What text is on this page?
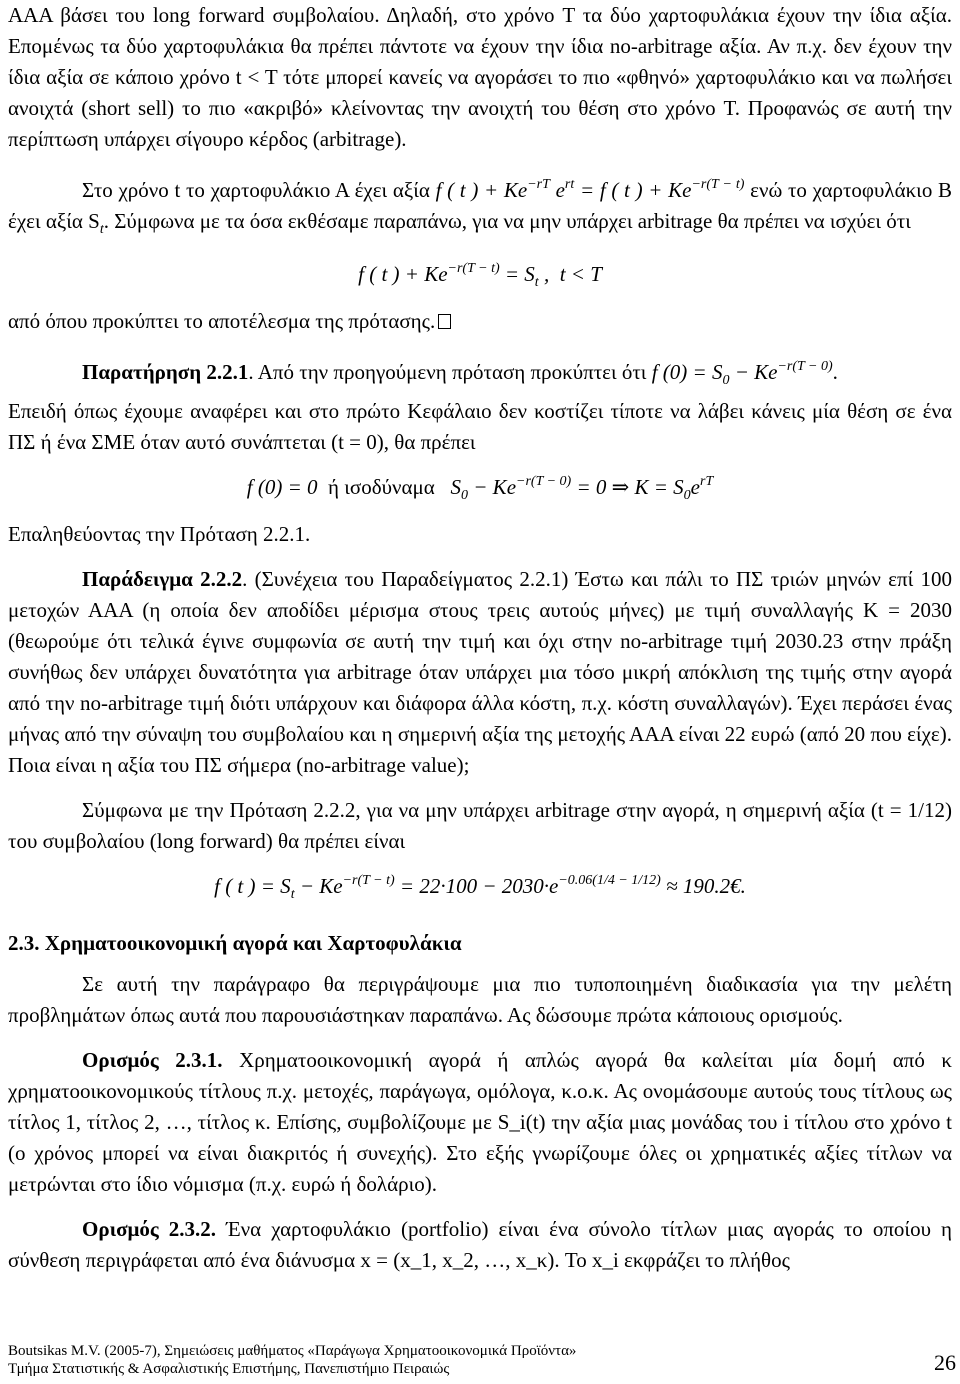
ΑΑΑ βάσει του long forward συμβολαίου. Δηλαδή, στο χρόνο T τα δύο χαρτοφυλάκια έχουν την ίδια αξία. Επομένως τα δύο χαρτοφυλάκια θα πρέπει πάντοτε να έχουν την ίδια no-arbitrage αξία. Αν π.χ. δεν έχουν την ίδια αξία σε κάποιο χρόνο t < T τότε μπορεί κανείς να αγοράσει το πιο «φθηνό» χαρτοφυλάκιο και να πωλήσει ανοιχτά (short sell) το πιο «ακριβό» κλείνοντας την ανοιχτή του θέση στο χρόνο T. Προφανώς σε αυτή την περίπτωση υπάρχει σίγουρο κέρδος (arbitrage).

Στο χρόνο t το χαρτοφυλάκιο Α έχει αξία f ( t ) + $Ke^{-rT}$ $e^{rt} = f$ ( t ) + $Ke^{-r(T - t)}$ ενώ το χαρτοφυλάκιο Β έχει αξία $S_t$. Σύμφωνα με τα όσα εκθέσαμε παραπάνω, για να μην υπάρχει arbitrage θα πρέπει να ισχύει ότι

f ( t ) + $Ke^{-r(T - t)} = S_t$ ,  t < T

από όπου προκύπτει το αποτέλεσμα της πρότασης.

Παρατήρηση 2.2.1. Από την προηγούμενη πρόταση προκύπτει ότι f $(0) = S_0 - Ke^{-r(T - 0)}$.

Επειδή όπως έχουμε αναφέρει και στο πρώτο Κεφάλαιο δεν κοστίζει τίποτε να λάβει κάνεις μία θέση σε ένα ΠΣ ή ένα ΣΜΕ όταν αυτό συνάπτεται (t = 0), θα πρέπει

f (0) = 0 ή ισοδύναμα $S_0 - Ke^{-r(T - 0)} = 0$ ⇒ $K = S_0e^{rT}$

Επαληθεύοντας την Πρόταση 2.2.1.

Παράδειγμα 2.2.2. (Συνέχεια του Παραδείγματος 2.2.1) Έστω και πάλι το ΠΣ τριών μηνών επί 100 μετοχών ΑΑΑ (η οποία δεν αποδίδει μέρισμα στους τρεις αυτούς μήνες) με τιμή συναλλαγής K = 2030 (θεωρούμε ότι τελικά έγινε συμφωνία σε αυτή την τιμή και όχι στην no-arbitrage τιμή 2030.23 στην πράξη συνήθως δεν υπάρχει δυνατότητα για arbitrage όταν υπάρχει μια τόσο μικρή απόκλιση της τιμής στην αγορά από την no-arbitrage τιμή διότι υπάρχουν και διάφορα άλλα κόστη, π.χ. κόστη συναλλαγών). Έχει περάσει ένας μήνας από την σύναψη του συμβολαίου και η σημερινή αξία της μετοχής ΑΑΑ είναι 22 ευρώ (από 20 που είχε). Ποια είναι η αξία του ΠΣ σήμερα (no-arbitrage value);

Σύμφωνα με την Πρόταση 2.2.2, για να μην υπάρχει arbitrage στην αγορά, η σημερινή αξία (t = 1/12) του συμβολαίου (long forward) θα πρέπει είναι

f ( t ) = $S_t - Ke^{-r(T - t)} = 22\cdot 100 - 2030\cdot e^{-0.06(1/4 - 1/12)}$ ≈ 190.2€.
2.3. Χρηματοοικονομική αγορά και Χαρτοφυλάκια

Σε αυτή την παράγραφο θα περιγράψουμε μια πιο τυποποιημένη διαδικασία για την μελέτη προβλημάτων όπως αυτά που παρουσιάστηκαν παραπάνω. Ας δώσουμε πρώτα κάποιους ορισμούς.

Ορισμός 2.3.1. Χρηματοοικονομική αγορά ή απλώς αγορά θα καλείται μία δομή από κ χρηματοοικονομικούς τίτλους π.χ. μετοχές, παράγωγα, ομόλογα, κ.ο.κ. Ας ονομάσουμε αυτούς τους τίτλους ως τίτλος 1, τίτλος 2, …, τίτλος κ. Επίσης, συμβολίζουμε με S_i(t) την αξία μιας μονάδας του i τίτλου στο χρόνο t (ο χρόνος μπορεί να είναι διακριτός ή συνεχής). Στο εξής γνωρίζουμε όλες οι χρηματικές αξίες τίτλων να μετρώνται στο ίδιο νόμισμα (π.χ. ευρώ ή δολάριο).

Ορισμός 2.3.2. Ένα χαρτοφυλάκιο (portfolio) είναι ένα σύνολο τίτλων μιας αγοράς το οποίου η σύνθεση περιγράφεται από ένα διάνυσμα x = (x_1, x_2, …, x_κ). Το x_i εκφράζει το πλήθος

Boutsikas M.V. (2005-7), Σημειώσεις μαθήματος «Παράγωγα Χρηματοοικονομικά Προϊόντα»
Τμήμα Στατιστικής & Ασφαλιστικής Επιστήμης, Πανεπιστήμιο Πειραιώς	26
